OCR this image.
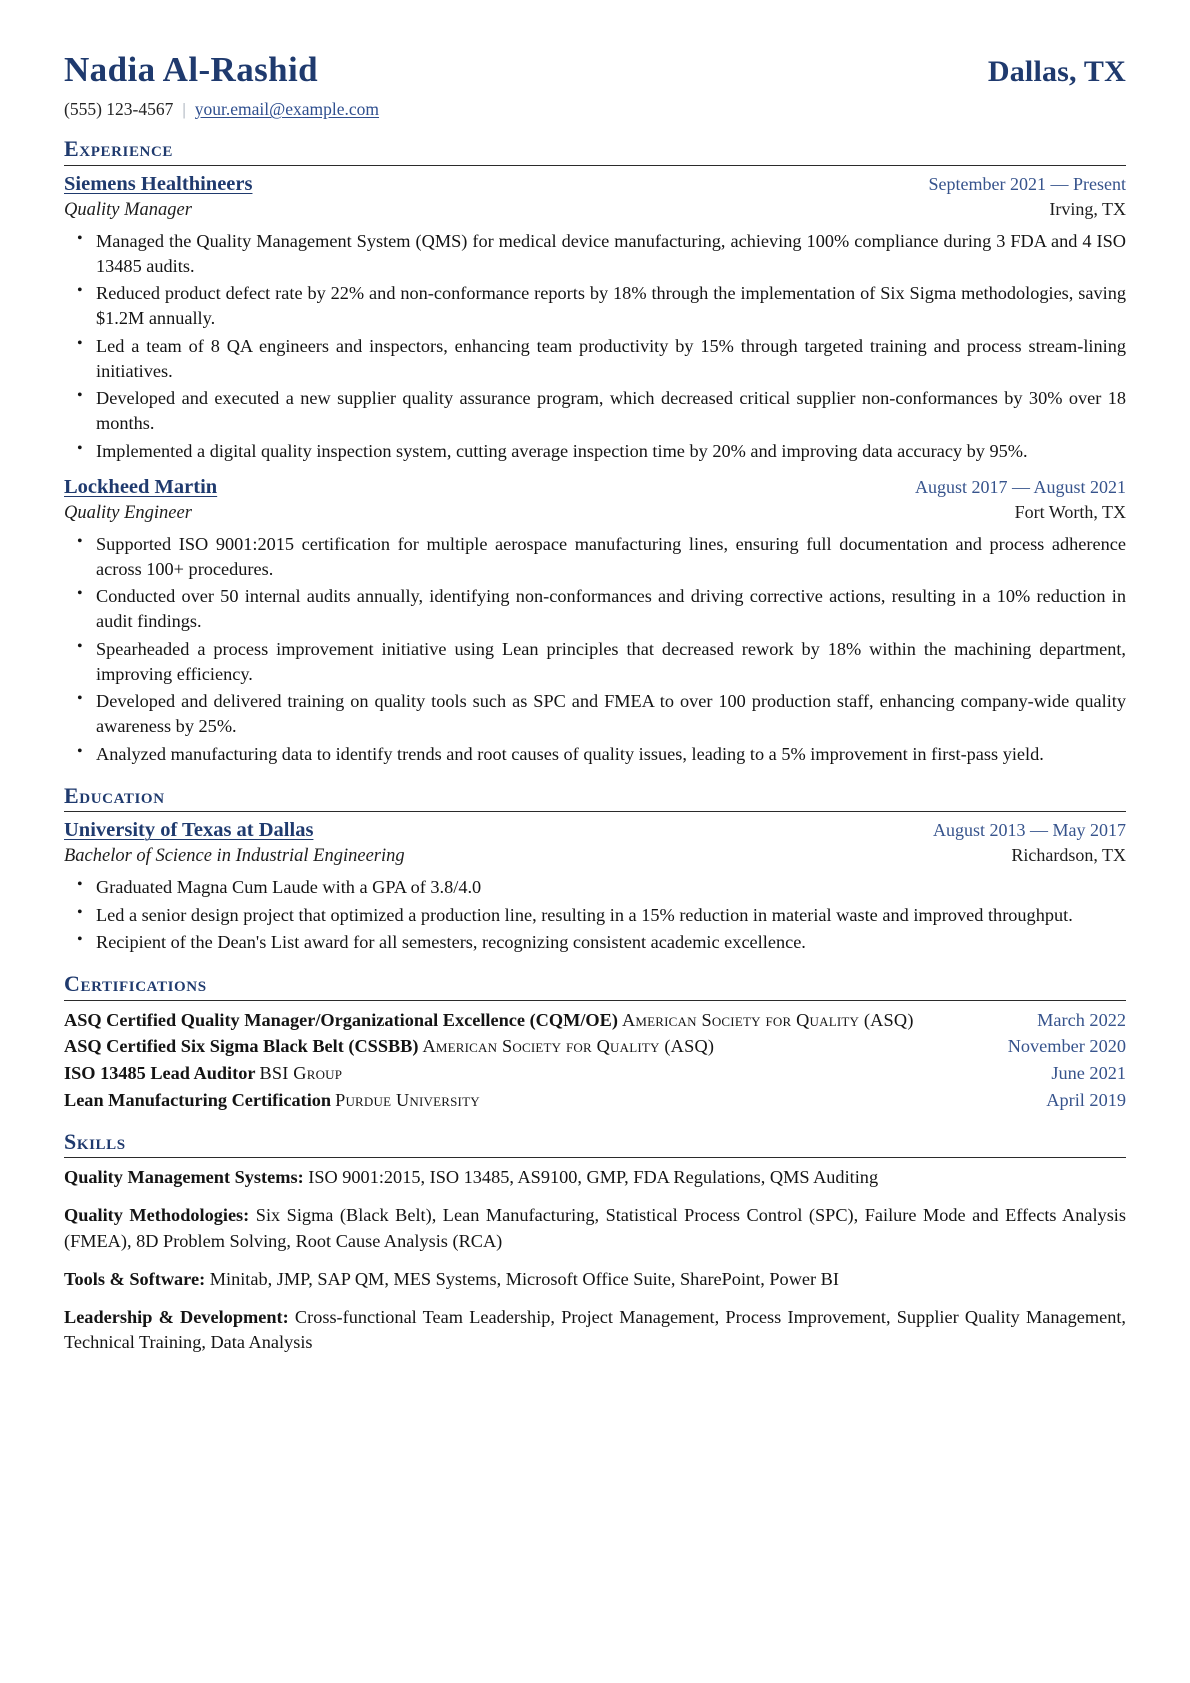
Nadia Al-Rashid	Dallas, TX
(555) 123-4567 | your.email@example.com
Experience
Siemens Healthineers	September 2021 — Present
Quality Manager	Irving, TX
• Managed the Quality Management System (QMS) for medical device manufacturing, achieving 100% compliance during 3 FDA and 4 ISO 13485 audits.
• Reduced product defect rate by 22% and non-conformance reports by 18% through the implementation of Six Sigma methodologies, saving $1.2M annually.
• Led a team of 8 QA engineers and inspectors, enhancing team productivity by 15% through targeted training and process stream-lining initiatives.
• Developed and executed a new supplier quality assurance program, which decreased critical supplier non-conformances by 30% over 18 months.
• Implemented a digital quality inspection system, cutting average inspection time by 20% and improving data accuracy by 95%.
Lockheed Martin	August 2017 — August 2021
Quality Engineer	Fort Worth, TX
• Supported ISO 9001:2015 certification for multiple aerospace manufacturing lines, ensuring full documentation and process adherence across 100+ procedures.
• Conducted over 50 internal audits annually, identifying non-conformances and driving corrective actions, resulting in a 10% reduction in audit findings.
• Spearheaded a process improvement initiative using Lean principles that decreased rework by 18% within the machining department, improving efficiency.
• Developed and delivered training on quality tools such as SPC and FMEA to over 100 production staff, enhancing company-wide quality awareness by 25%.
• Analyzed manufacturing data to identify trends and root causes of quality issues, leading to a 5% improvement in first-pass yield.
Education
University of Texas at Dallas	August 2013 — May 2017
Bachelor of Science in Industrial Engineering	Richardson, TX
• Graduated Magna Cum Laude with a GPA of 3.8/4.0
• Led a senior design project that optimized a production line, resulting in a 15% reduction in material waste and improved throughput.
• Recipient of the Dean's List award for all semesters, recognizing consistent academic excellence.
Certifications
ASQ Certified Quality Manager/Organizational Excellence (CQM/OE) American Society for Quality (ASQ)	March 2022
ASQ Certified Six Sigma Black Belt (CSSBB) American Society for Quality (ASQ)	November 2020
ISO 13485 Lead Auditor BSI Group	June 2021
Lean Manufacturing Certification Purdue University	April 2019
Skills
Quality Management Systems: ISO 9001:2015, ISO 13485, AS9100, GMP, FDA Regulations, QMS Auditing
Quality Methodologies: Six Sigma (Black Belt), Lean Manufacturing, Statistical Process Control (SPC), Failure Mode and Effects Analysis (FMEA), 8D Problem Solving, Root Cause Analysis (RCA)
Tools & Software: Minitab, JMP, SAP QM, MES Systems, Microsoft Office Suite, SharePoint, Power BI
Leadership & Development: Cross-functional Team Leadership, Project Management, Process Improvement, Supplier Quality Management, Technical Training, Data Analysis
